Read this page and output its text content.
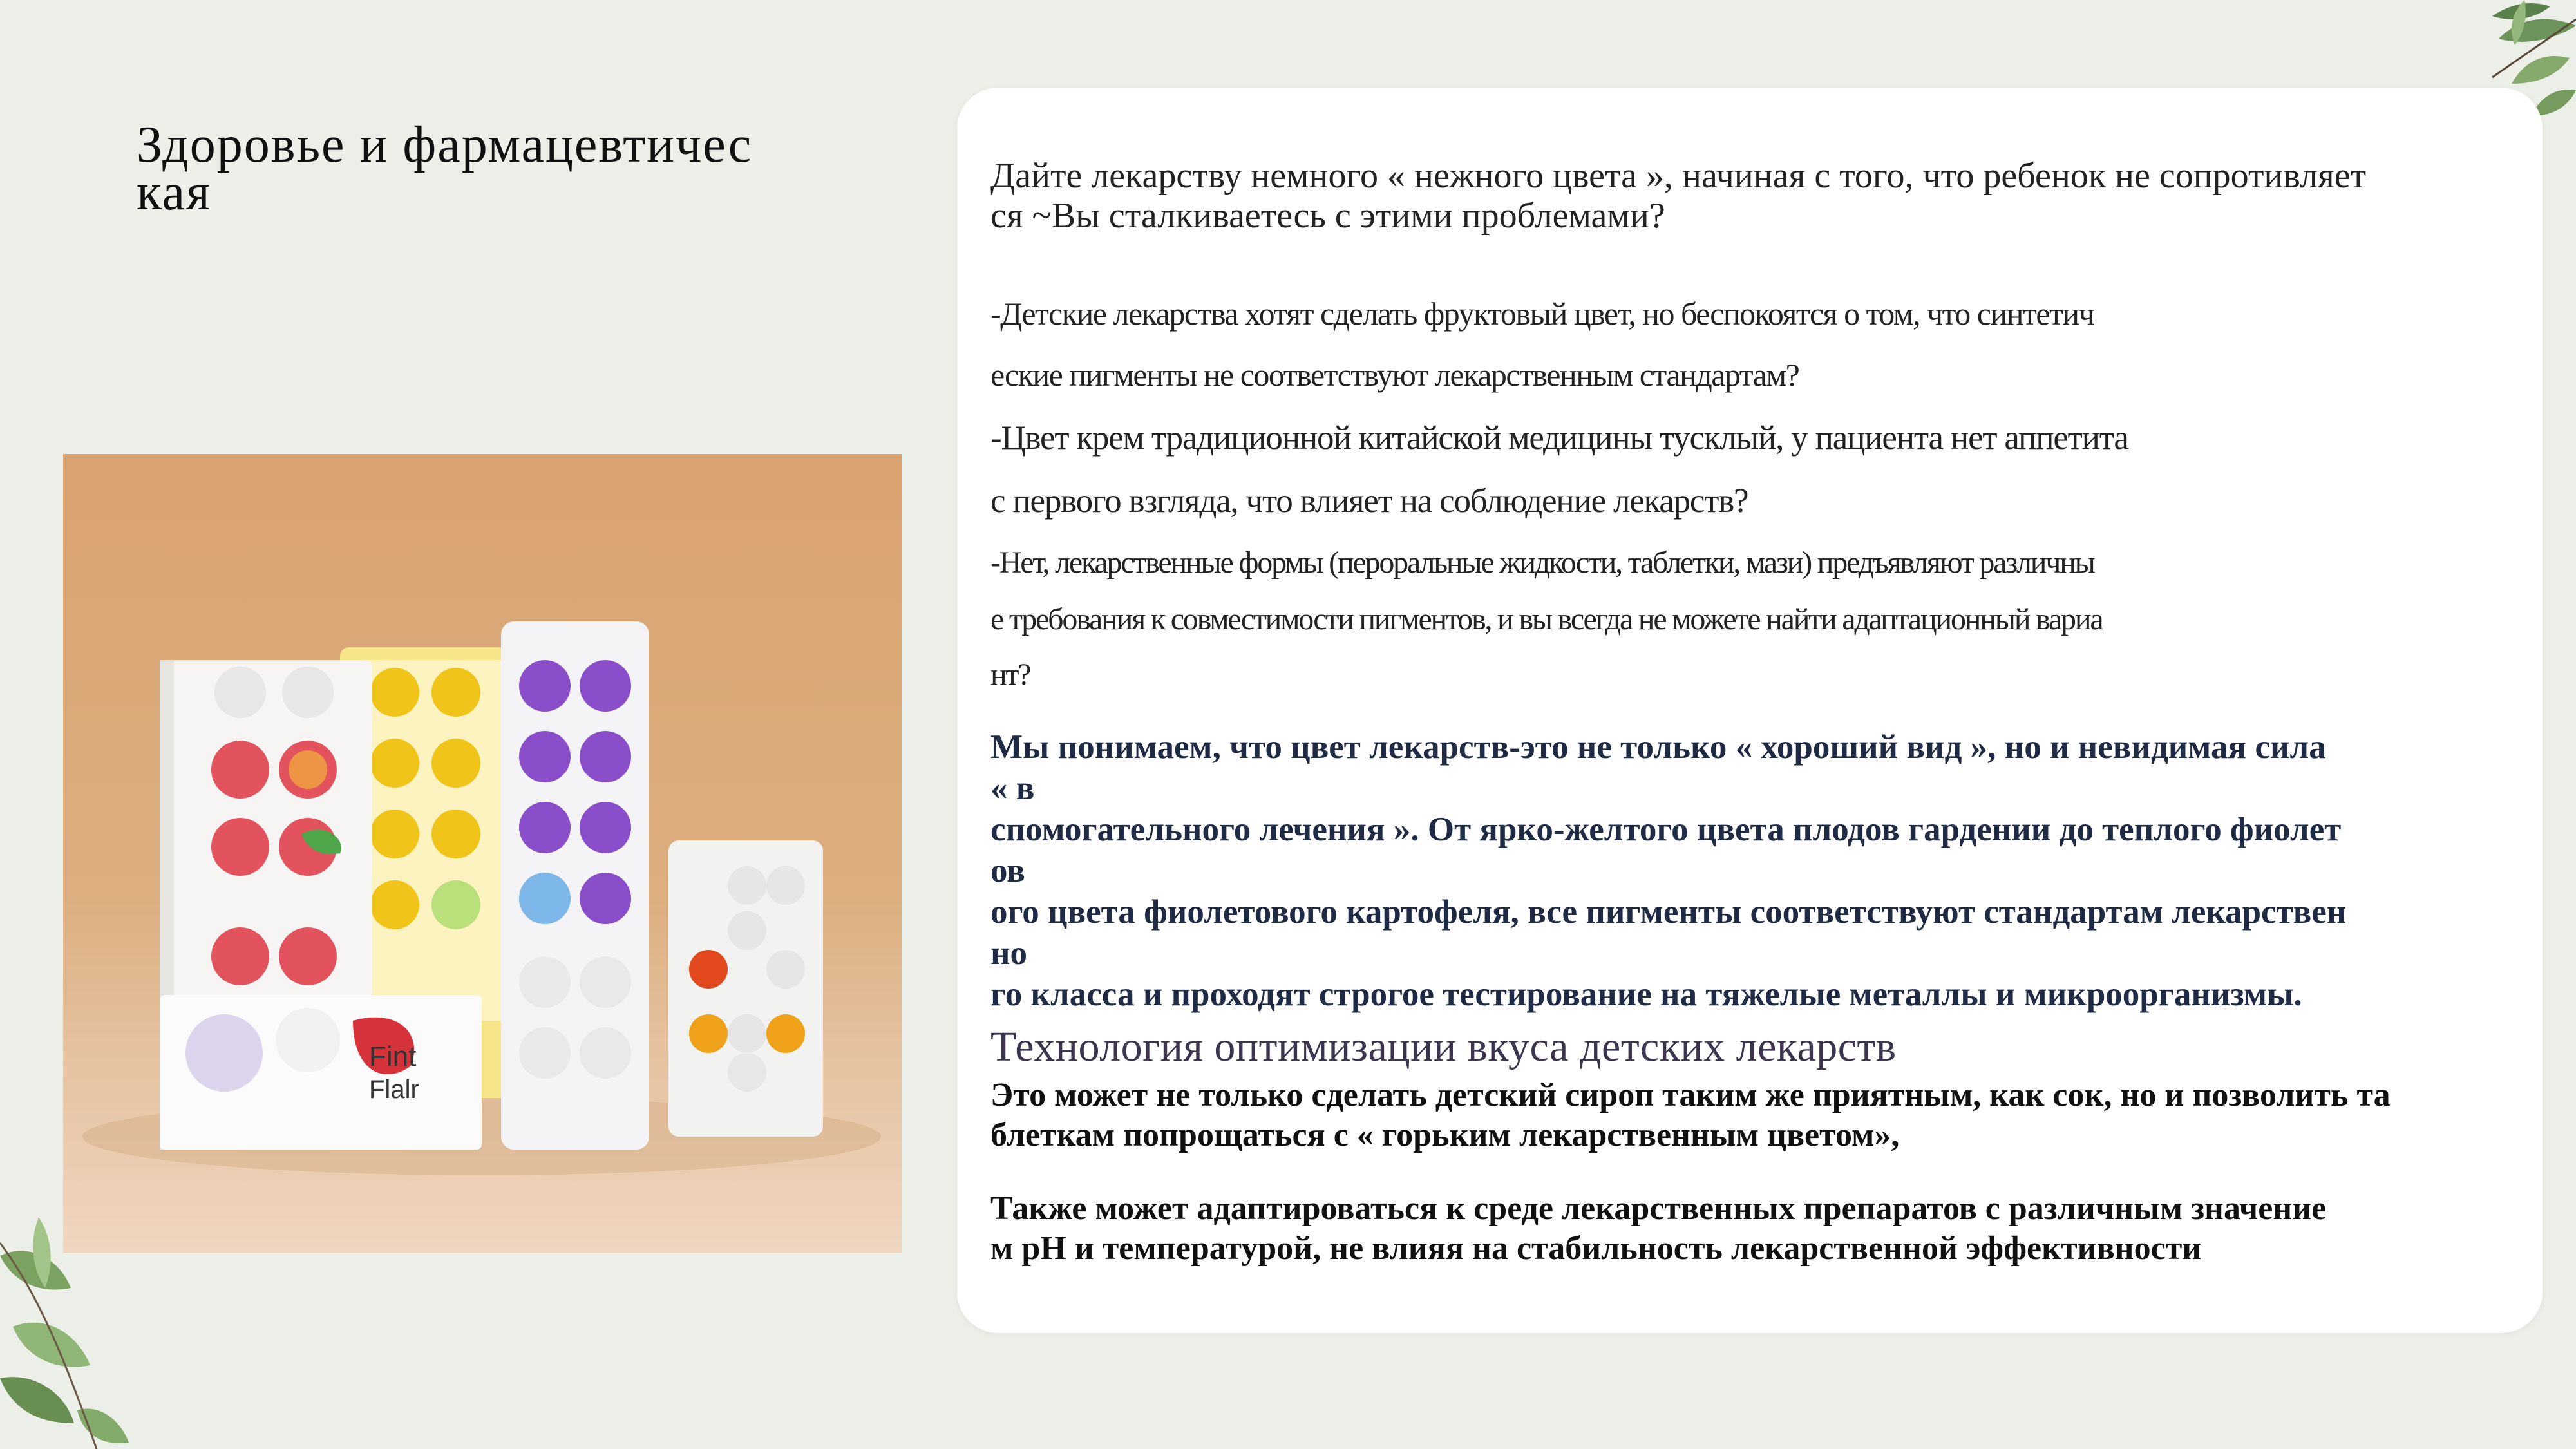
Здоровье и фармацевтичес
кая
Fint
Flalr

Дайте лекарству немного « нежного цвета », начиная с того, что ребенок не сопротивляет
ся ~Вы сталкиваетесь с этими проблемами?

-Детские лекарства хотят сделать фруктовый цвет, но беспокоятся о том, что синтетич

еские пигменты не соответствуют лекарственным стандартам?

-Цвет крем традиционной китайской медицины тусклый, у пациента нет аппетита

с первого взгляда, что влияет на соблюдение лекарств?

-Нет, лекарственные формы (пероральные жидкости, таблетки, мази) предъявляют различны

е требования к совместимости пигментов, и вы всегда не можете найти адаптационный вариа

нт?

Мы понимаем, что цвет лекарств-это не только « хороший вид », но и невидимая сила
« в
спомогательного лечения ». От ярко-желтого цвета плодов гардении до теплого фиолет
ов
ого цвета фиолетового картофеля, все пигменты соответствуют стандартам лекарствен
но
го класса и проходят строгое тестирование на тяжелые металлы и микроорганизмы.

Технология оптимизации вкуса детских лекарств

Это может не только сделать детский сироп таким же приятным, как сок, но и позволить та
блеткам попрощаться с « горьким лекарственным цветом»,

Также может адаптироваться к среде лекарственных препаратов с различным значение
м pH и температурой, не влияя на стабильность лекарственной эффективности
